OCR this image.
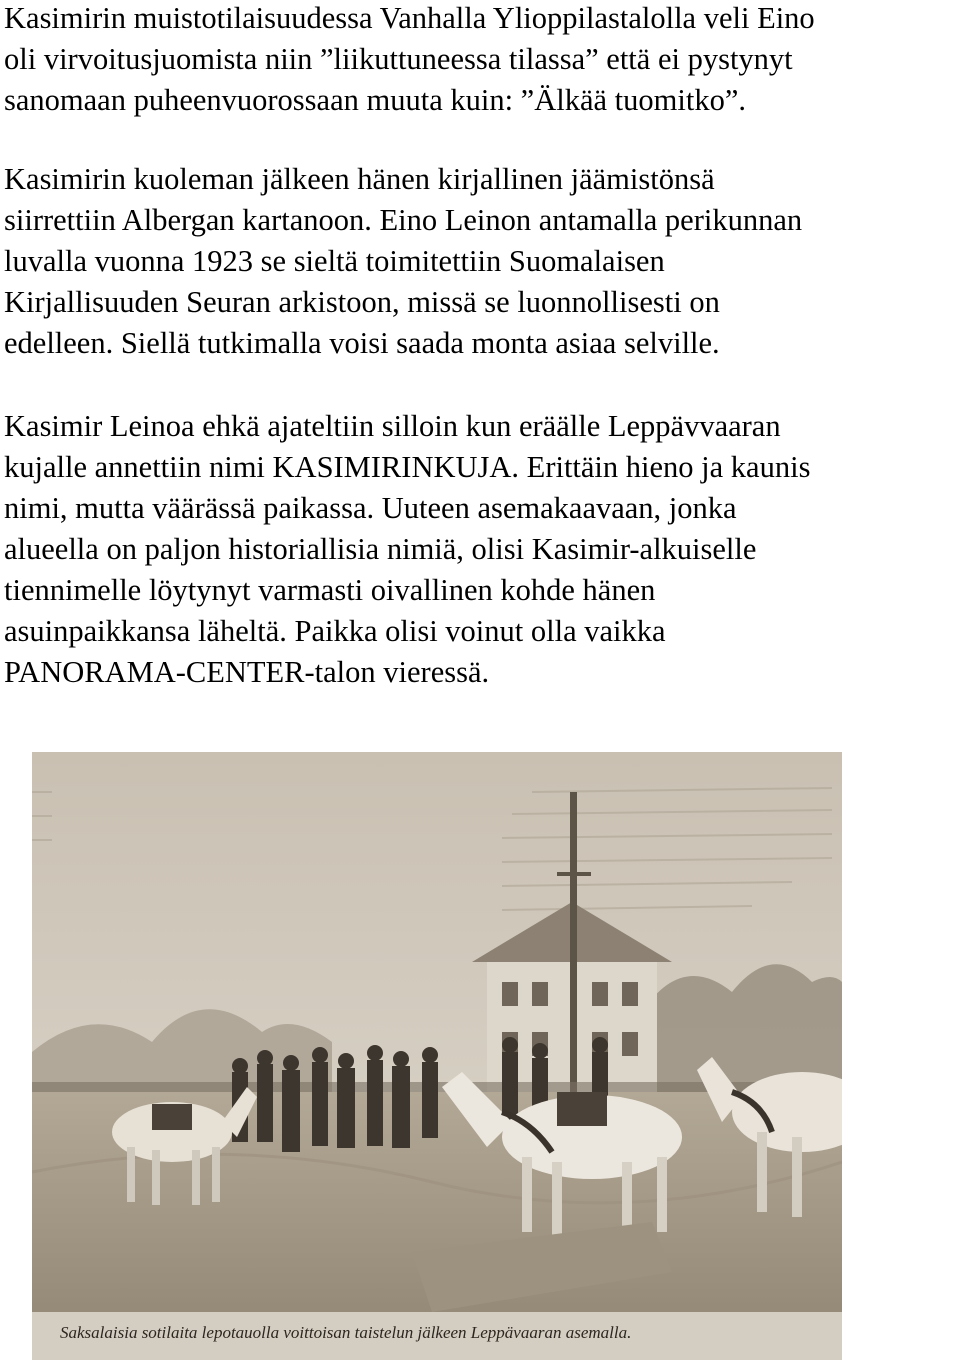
Kasimirin muistotilaisuudessa Vanhalla Ylioppilastalolla veli Eino
oli virvoitusjuomista niin ”liikuttuneessa tilassa” että ei pystynyt
sanomaan puheenvuorossaan muuta kuin: ”Älkää tuomitko”.

Kasimirin kuoleman jälkeen hänen kirjallinen jäämistönsä
siirrettiin Albergan kartanoon. Eino Leinon antamalla perikunnan
luvalla vuonna 1923 se sieltä toimitettiin Suomalaisen
Kirjallisuuden Seuran arkistoon, missä se luonnollisesti on
edelleen. Siellä tutkimalla voisi saada monta asiaa selville.

Kasimir Leinoa ehkä ajateltiin silloin kun eräälle Leppävvaaran
kujalle annettiin nimi KASIMIRINKUJA. Erittäin hieno ja kaunis
nimi, mutta väärässä paikassa. Uuteen asemakaavaan, jonka
alueella on paljon historiallisia nimiä, olisi Kasimir-alkuiselle
tiennimelle löytynyt varmasti oivallinen kohde hänen
asuinpaikkansa läheltä. Paikka olisi voinut olla vaikka
PANORAMA-CENTER-talon vieressä.

Saksalaisia sotilaita lepotauolla voittoisan taistelun jälkeen Leppävaaran asemalla.
